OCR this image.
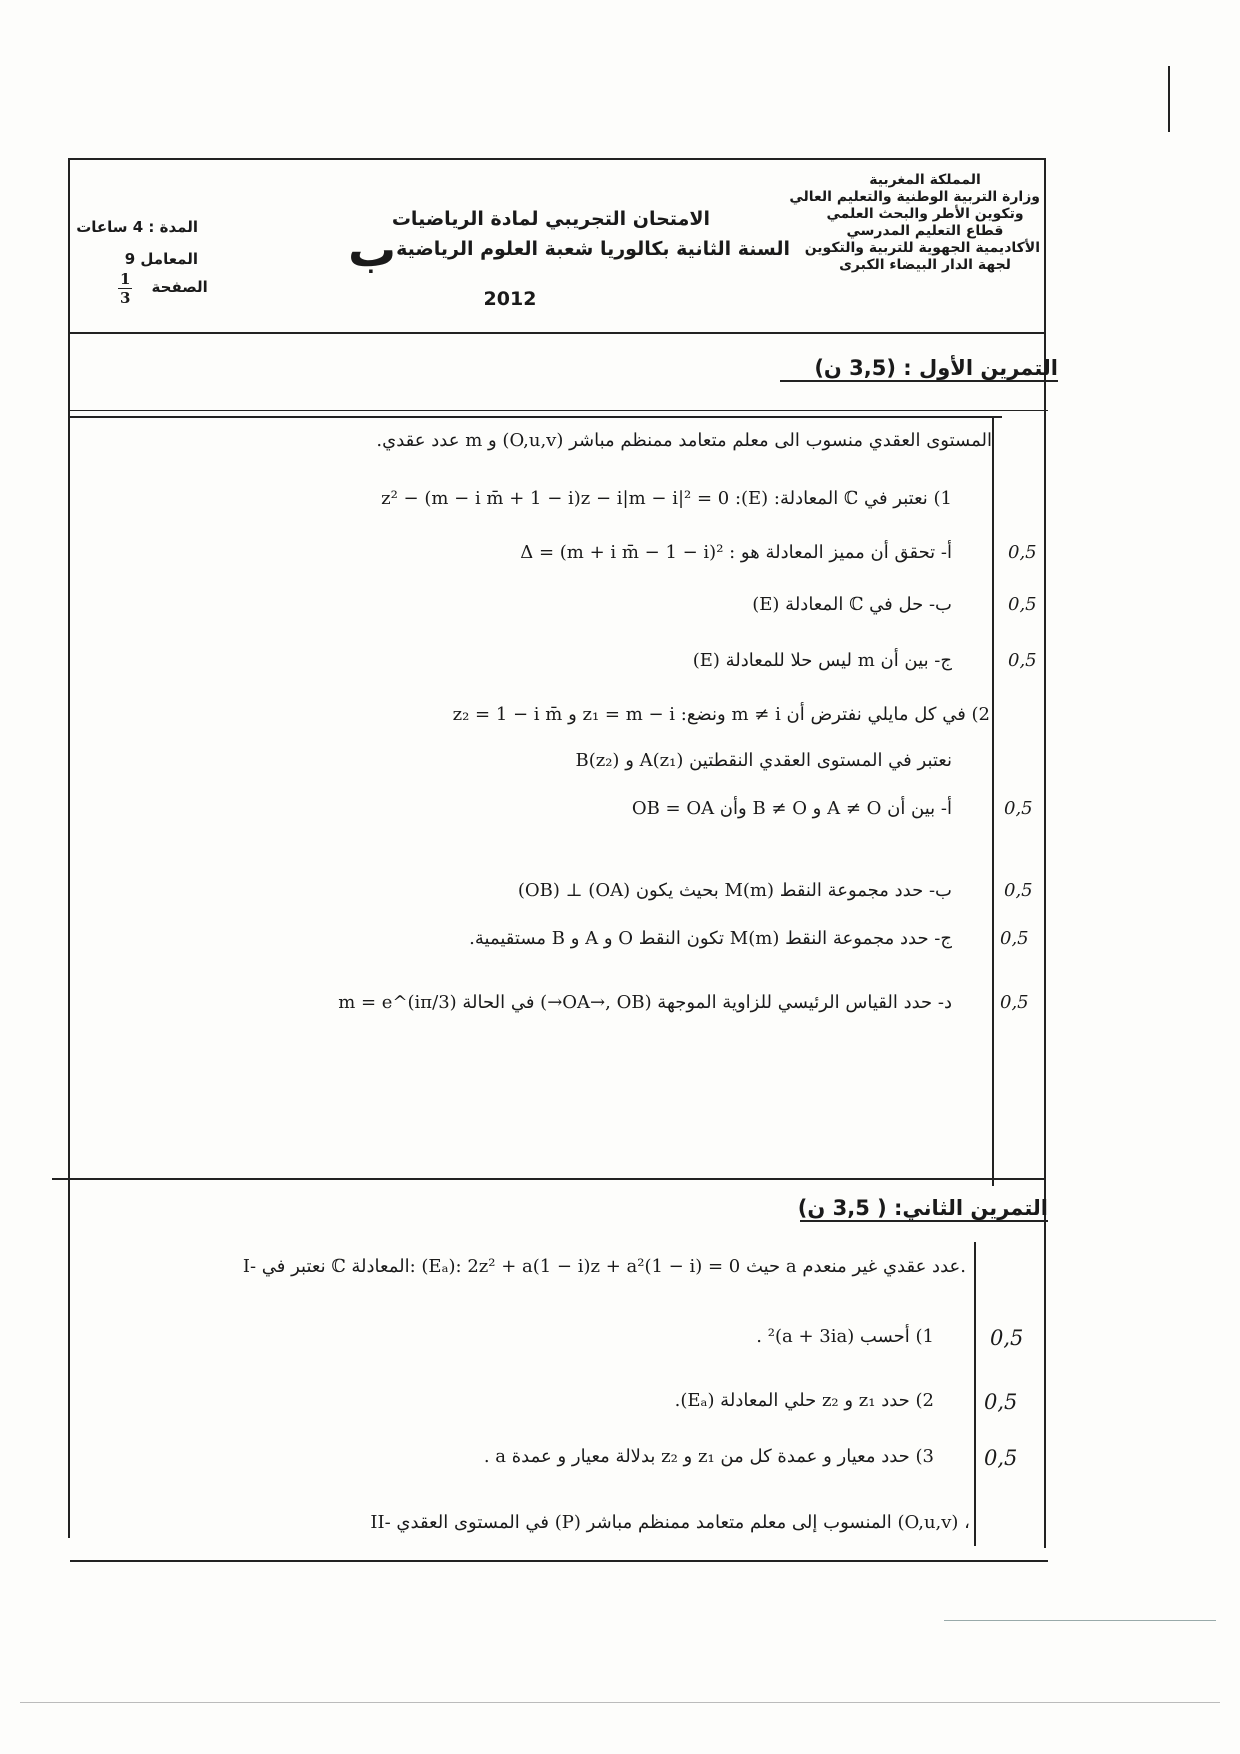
المملكة المغربية
وزارة التربية الوطنية والتعليم العالي
وتكوين الأطر والبحث العلمي
قطاع التعليم المدرسي
الأكاديمية الجهوية للتربية والتكوين
لجهة الدار البيضاء الكبرى
الامتحان التجريبي لمادة الرياضيات
السنة الثانية بكالوريا شعبة العلوم الرياضية
ب
2012
المدة : 4 ساعات
المعامل 9
$\frac{1}{3}$ الصفحة
التمرين الأول : (3,5 ن)
المستوى العقدي منسوب الى معلم متعامد ممنظم مباشر (O,u,v) و m عدد عقدي.
1) نعتبر في ℂ المعادلة: (E): z² − (m − i m̄ + 1 − i)z − i|m − i|² = 0
أ- تحقق أن مميز المعادلة هو : Δ = (m + i m̄ − 1 − i)²	0,5
ب- حل في ℂ المعادلة (E)	0,5
ج- بين أن m ليس حلا للمعادلة (E)	0,5
2) في كل مايلي نفترض أن m ≠ i ونضع: z₁ = m − i و z₂ = 1 − i m̄
نعتبر في المستوى العقدي النقطتين A(z₁) و B(z₂)
أ- بين أن A ≠ O و B ≠ O وأن OB = OA	0,5
ب- حدد مجموعة النقط M(m) بحيث يكون (OA) ⊥ (OB)	0,5
ج- حدد مجموعة النقط M(m) تكون النقط O و A و B مستقيمية.	0,5
د- حدد القياس الرئيسي للزاوية الموجهة (OA→, OB→) في الحالة m = e^(iπ/3)	0,5
التمرين الثاني: ( 3,5 ن)
I- نعتبر في ℂ المعادلة: (Eₐ): 2z² + a(1 − i)z + a²(1 − i) = 0 حيث a عدد عقدي غير منعدم.
1) أحسب (a + 3ia)² .	0,5
2) حدد z₁ و z₂ حلي المعادلة (Eₐ). 0,5
3) حدد معيار و عمدة كل من z₁ و z₂ بدلالة معيار و عمدة a . 0,5
II- في المستوى العقدي (P) المنسوب إلى معلم متعامد ممنظم مباشر (O,u,v) ،
